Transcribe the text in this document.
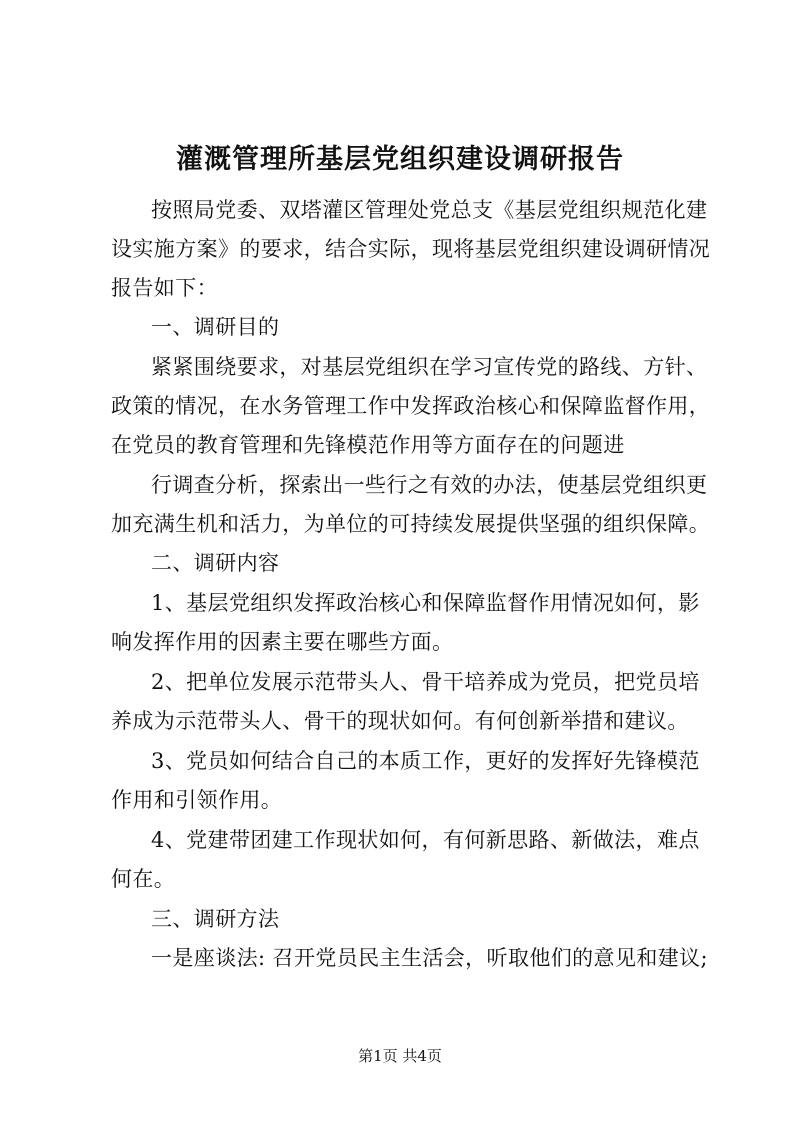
灌溉管理所基层党组织建设调研报告
按照局党委、双塔灌区管理处党总支《基层党组织规范化建
设实施方案》的要求，结合实际，现将基层党组织建设调研情况
报告如下：
一、调研目的
紧紧围绕要求，对基层党组织在学习宣传党的路线、方针、
政策的情况，在水务管理工作中发挥政治核心和保障监督作用，
在党员的教育管理和先锋模范作用等方面存在的问题进
行调查分析，探索出一些行之有效的办法，使基层党组织更
加充满生机和活力，为单位的可持续发展提供坚强的组织保障。
二、调研内容
1、基层党组织发挥政治核心和保障监督作用情况如何，影
响发挥作用的因素主要在哪些方面。
2、把单位发展示范带头人、骨干培养成为党员，把党员培
养成为示范带头人、骨干的现状如何。有何创新举措和建议。
3、党员如何结合自己的本质工作，更好的发挥好先锋模范
作用和引领作用。
4、党建带团建工作现状如何，有何新思路、新做法，难点
何在。
三、调研方法
一是座谈法: 召开党员民主生活会，听取他们的意见和建议;
第1页 共4页
